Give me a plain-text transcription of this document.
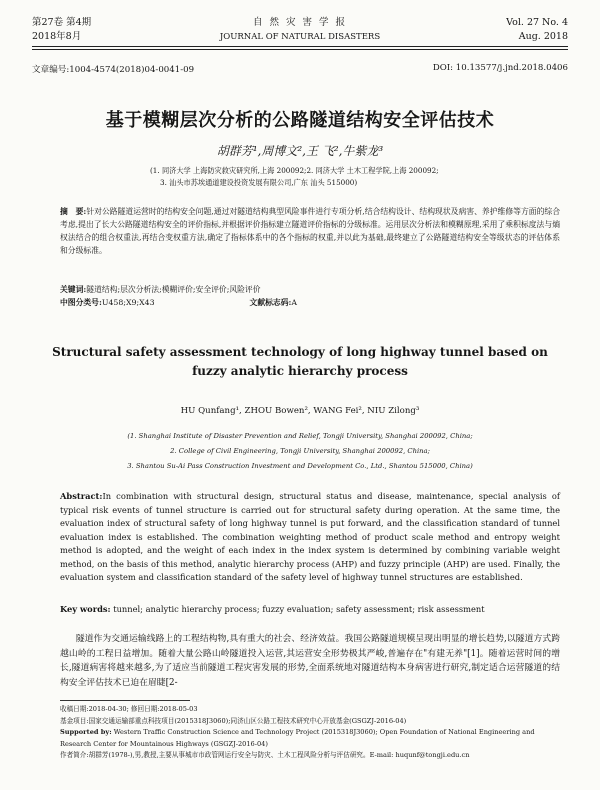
第27卷 第4期
2018年8月
自 然 灾 害 学 报
JOURNAL OF NATURAL DISASTERS
Vol. 27 No. 4
Aug. 2018
文章编号:1004-4574(2018)04-0041-09	DOI: 10.13577/j.jnd.2018.0406
基于模糊层次分析的公路隧道结构安全评估技术
胡群芳¹,周博文²,王 飞²,牛紫龙³
(1. 同济大学 上海防灾救灾研究所,上海 200092;2. 同济大学 土木工程学院,上海 200092;
3. 汕头市苏埃通道建设投资发展有限公司,广东 汕头 515000)
摘　要:针对公路隧道运营时的结构安全问题,通过对隧道结构典型风险事件进行专项分析,结合结构设计、结构现状及病害、养护维修等方面的综合考虑,提出了长大公路隧道结构安全的评价指标,并根据评价指标建立隧道评价指标的分级标准。运用层次分析法和模糊原理,采用了乘积标度法与熵权法结合的组合权重法,再结合变权重方法,确定了指标体系中的各个指标的权重,并以此为基础,最终建立了公路隧道结构安全等级状态的评估体系和分级标准。
关键词:隧道结构;层次分析法;模糊评价;安全评价;风险评价
中图分类号:U458;X9;X43	文献标志码:A
Structural safety assessment technology of long highway tunnel based on fuzzy analytic hierarchy process
HU Qunfang¹, ZHOU Bowen², WANG Fei², NIU Zilong³
(1. Shanghai Institute of Disaster Prevention and Relief, Tongji University, Shanghai 200092, China;
2. College of Civil Engineering, Tongji University, Shanghai 200092, China;
3. Shantou Su-Ai Pass Construction Investment and Development Co., Ltd., Shantou 515000, China)
Abstract:In combination with structural design, structural status and disease, maintenance, special analysis of typical risk events of tunnel structure is carried out for structural safety during operation. At the same time, the evaluation index of structural safety of long highway tunnel is put forward, and the classification standard of tunnel evaluation index is established. The combination weighting method of product scale method and entropy weight method is adopted, and the weight of each index in the index system is determined by combining variable weight method, on the basis of this method, analytic hierarchy process (AHP) and fuzzy principle (AHP) are used. Finally, the evaluation system and classification standard of the safety level of highway tunnel structures are established.
Key words: tunnel; analytic hierarchy process; fuzzy evaluation; safety assessment; risk assessment
隧道作为交通运输线路上的工程结构物,具有重大的社会、经济效益。我国公路隧道规模呈现出明显的增长趋势,以隧道方式跨越山岭的工程日益增加。随着大量公路山岭隧道投入运营,其运营安全形势极其严峻,普遍存在"有建无养"[1]。随着运营时间的增长,隧道病害将越来越多,为了适应当前隧道工程灾害发展的形势,全面系统地对隧道结构本身病害进行研究,制定适合运营隧道的结构安全评估技术已迫在眉睫[2-
收稿日期:2018-04-30; 修回日期:2018-05-03
基金项目:国家交通运输部重点科技项目(2015318J3060);同济山区公路工程技术研究中心开放基金(GSGZJ-2016-04)
Supported by: Western Traffic Construction Science and Technology Project (2015318J3060); Open Foundation of National Engineering and Research Center for Mountainous Highways (GSGZJ-2016-04)
作者简介:胡群芳(1978-),男,教授,主要从事城市市政管网运行安全与防灾、土木工程风险分析与评估研究。E-mail: huqunf@tongji.edu.cn
